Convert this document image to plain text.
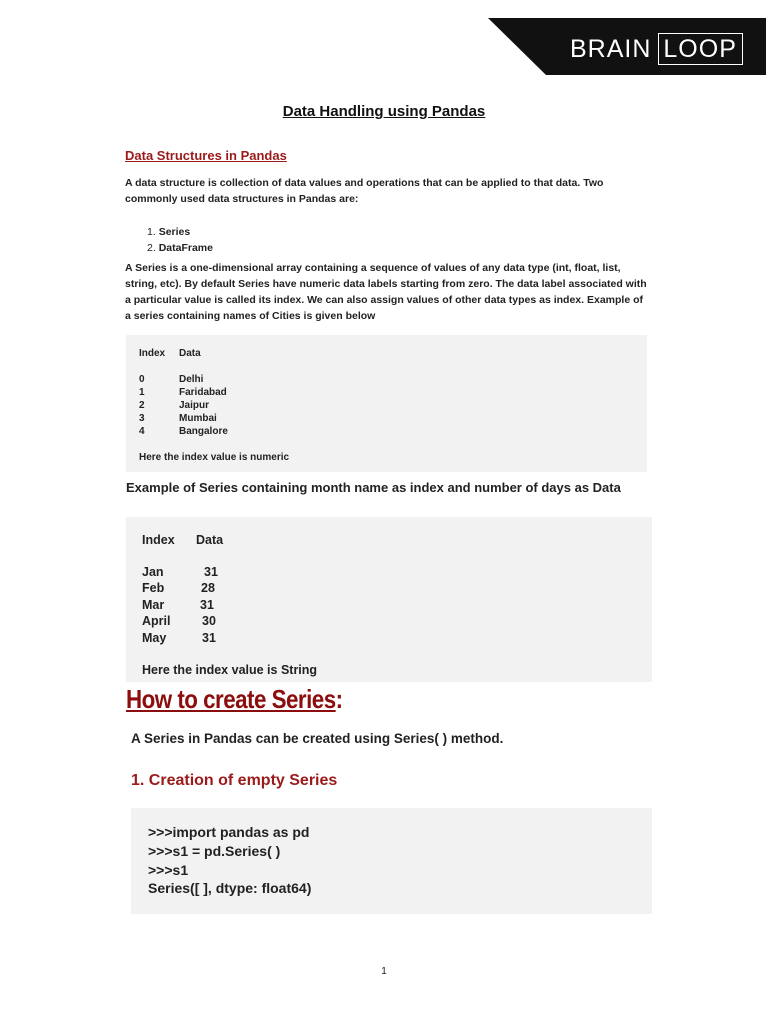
BRAIN LOOP
Data Handling using Pandas
Data Structures in Pandas
A data structure is collection of data values and operations that can be applied to that data. Two commonly used data structures in Pandas are:
1. Series
2. DataFrame
A Series is a one-dimensional array containing a sequence of values of any data type (int, float, list, string, etc). By default Series have numeric data labels starting from zero. The data label associated with a particular value is called its index. We can also assign values of other data types as index. Example of a series containing names of Cities is given below
Index Data
0	Delhi
1	Faridabad
2	Jaipur
3	Mumbai
4	Bangalore
Here the index value is numeric
Example of Series containing month name as index and number of days as Data
Index Data
Jan	31
Feb	28
Mar	31
April	30
May	31
Here the index value is String
How to create Series:
A Series in Pandas can be created using Series( ) method.
1. Creation of empty Series
>>>import pandas as pd
>>>s1 = pd.Series( )
>>>s1
Series([ ], dtype: float64)
1
